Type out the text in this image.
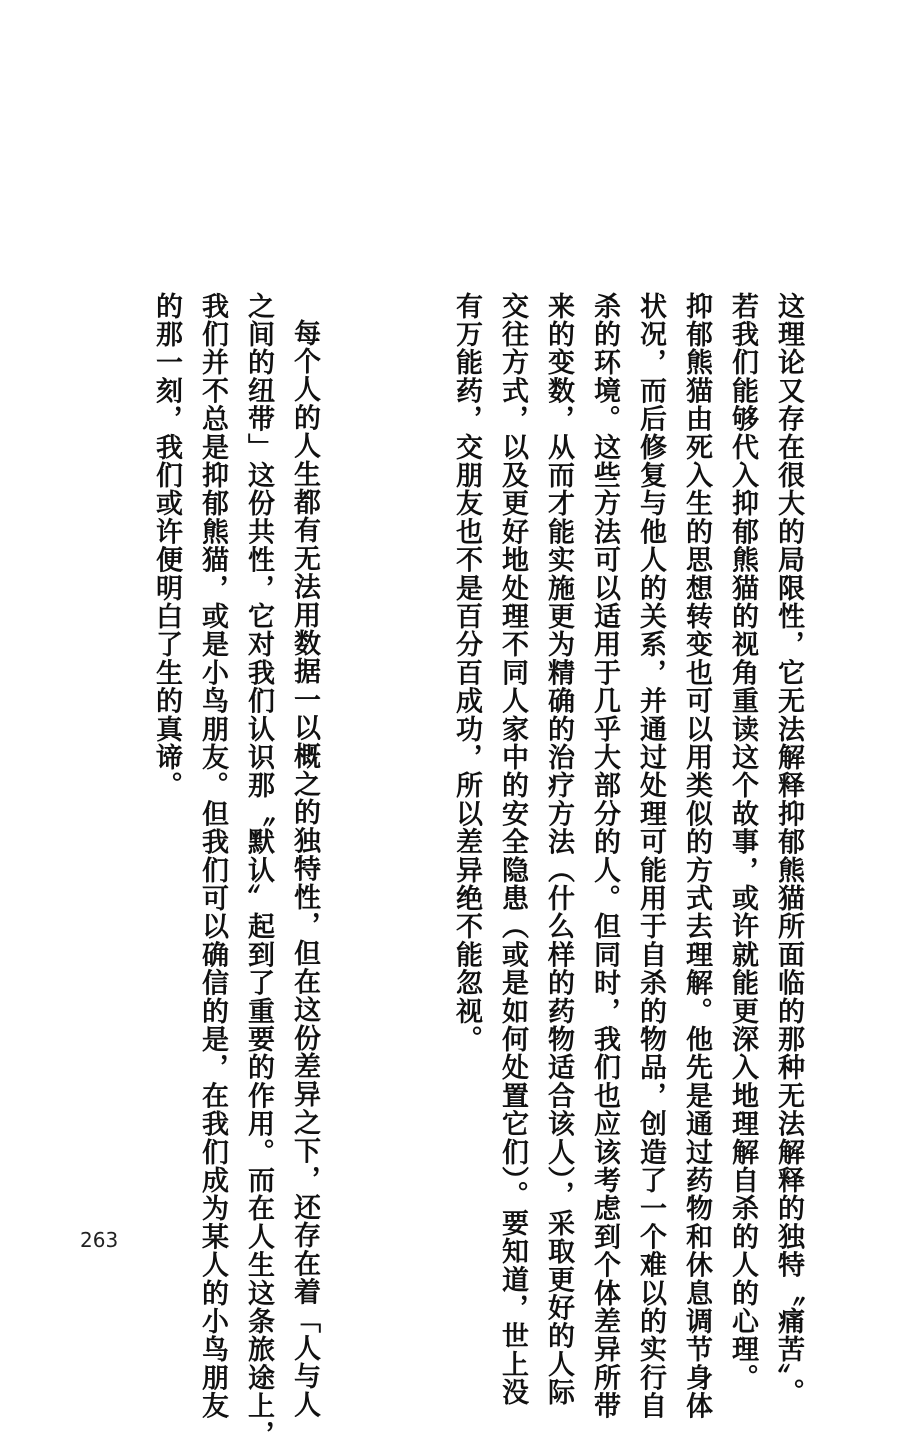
这理论又存在很大的局限性，它无法解释抑郁熊猫所面临的那种无法解释的独特〝痛苦〞。
若我们能够代入抑郁熊猫的视角重读这个故事，或许就能更深入地理解自杀的人的心理。
抑郁熊猫由死入生的思想转变也可以用类似的方式去理解。他先是通过药物和休息调节身体
状况，而后修复与他人的关系，并通过处理可能用于自杀的物品，创造了一个难以的实行自
杀的环境。这些方法可以适用于几乎大部分的人。但同时，我们也应该考虑到个体差异所带
来的变数，从而才能实施更为精确的治疗方法（什么样的药物适合该人），采取更好的人际
交往方式，以及更好地处理不同人家中的安全隐患（或是如何处置它们）。要知道，世上没
有万能药，交朋友也不是百分百成功，所以差异绝不能忽视。
每个人的人生都有无法用数据一以概之的独特性，但在这份差异之下，还存在着「人与人
之间的纽带」这份共性，它对我们认识那〝默认〞起到了重要的作用。而在人生这条旅途上，
我们并不总是抑郁熊猫，或是小鸟朋友。但我们可以确信的是，在我们成为某人的小鸟朋友
的那一刻，我们或许便明白了生的真谛。
263
